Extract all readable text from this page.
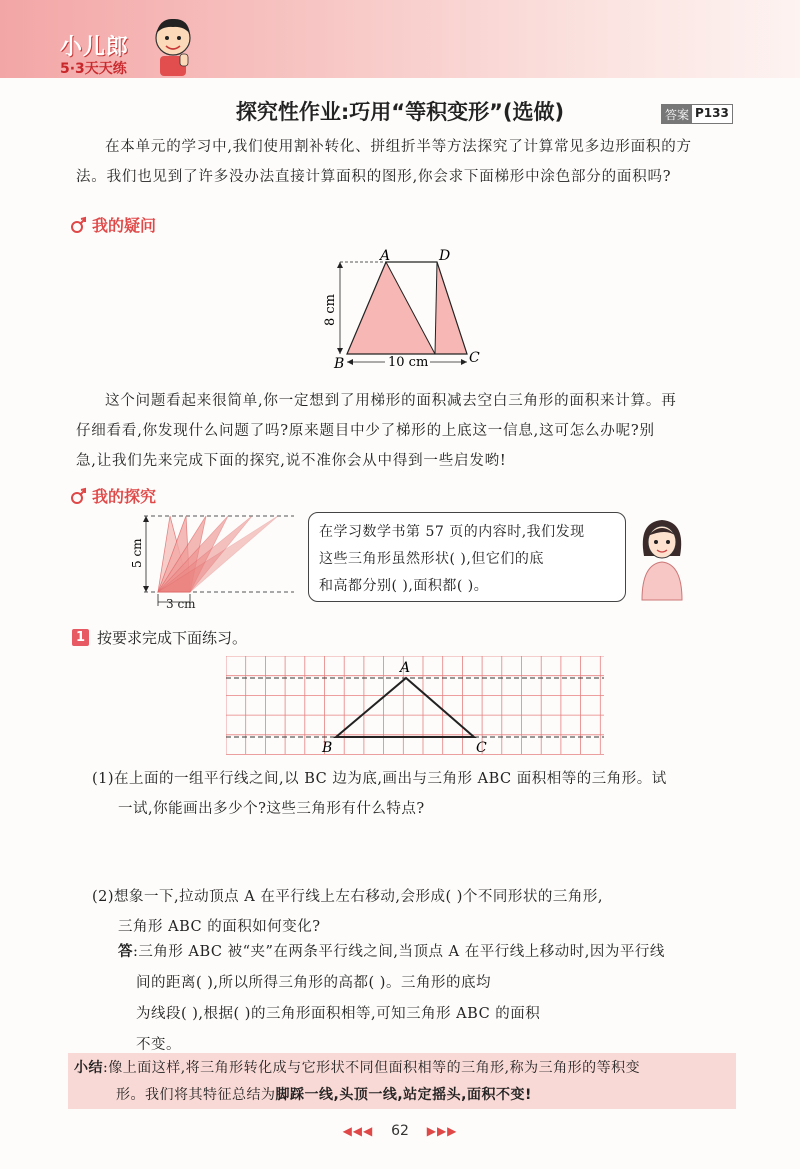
小儿郎
5·3天天练
探究性作业:巧用“等积变形”(选做)	答案 P133
在本单元的学习中,我们使用割补转化、拼组折半等方法探究了计算常见多边形面积的方
法。我们也见到了许多没办法直接计算面积的图形,你会求下面梯形中涂色部分的面积吗?
我的疑问
A	D
B	C
10 cm
8 cm
这个问题看起来很简单,你一定想到了用梯形的面积减去空白三角形的面积来计算。再
仔细看看,你发现什么问题了吗?原来题目中少了梯形的上底这一信息,这可怎么办呢?别
急,让我们先来完成下面的探究,说不准你会从中得到一些启发哟!
我的探究
5 cm
3 cm
在学习数学书第 57 页的内容时,我们发现
这些三角形虽然形状( ),但它们的底
和高都分别( ),面积都( )。
1 按要求完成下面练习。
A
B	C
(1)在上面的一组平行线之间,以 BC 边为底,画出与三角形 ABC 面积相等的三角形。试
一试,你能画出多少个?这些三角形有什么特点?
(2)想象一下,拉动顶点 A 在平行线上左右移动,会形成( )个不同形状的三角形,
三角形 ABC 的面积如何变化?
答:三角形 ABC 被“夹”在两条平行线之间,当顶点 A 在平行线上移动时,因为平行线
间的距离( ),所以所得三角形的高都( )。三角形的底均
为线段( ),根据( )的三角形面积相等,可知三角形 ABC 的面积
不变。
小结:像上面这样,将三角形转化成与它形状不同但面积相等的三角形,称为三角形的等积变
形。我们将其特征总结为脚踩一线,头顶一线,站定摇头,面积不变!
◀◀◀ 62 ▶▶▶
